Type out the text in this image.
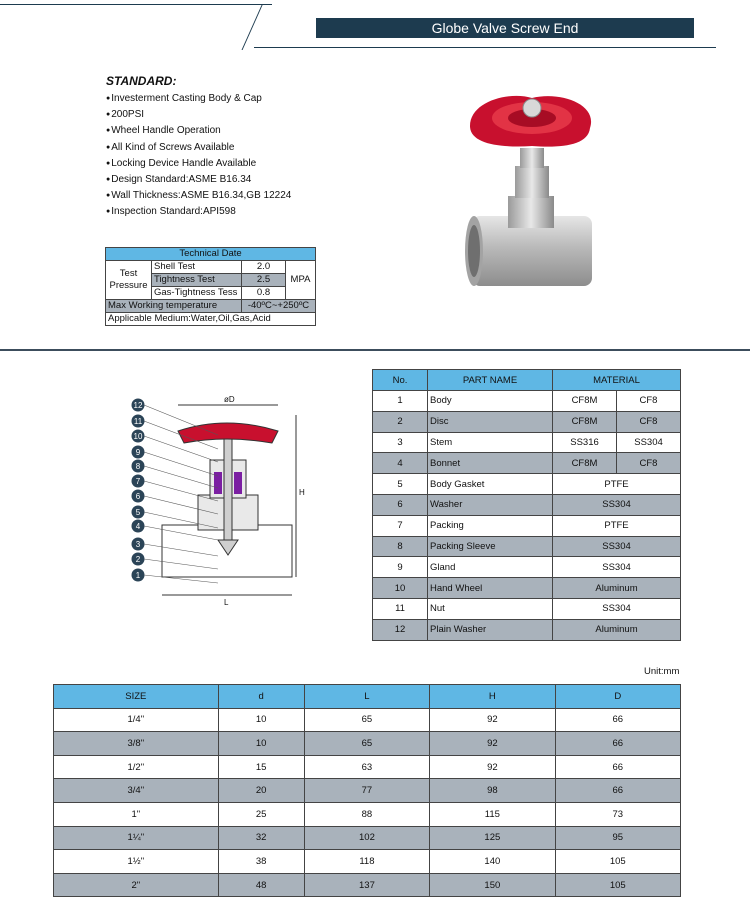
Globe Valve Screw End
STANDARD:
● Investerment Casting Body & Cap
● 200PSI
● Wheel Handle Operation
● All Kind of Screws Available
● Locking Device Handle Available
● Design Standard:ASME B16.34
● Wall Thickness:ASME B16.34,GB 12224
● Inspection Standard:API598
Technical Date			
Test Pressure	Shell Test	2.0	MPA
	Tightness Test	2.5	
	Gas-Tightness Tess	0.8	
Max Working temperature		-40ºC~+250ºC	
Applicable Medium:Water,Oil,Gas,Acid			
øD
H
L
12
11
10
9
8
7
6
5
4
3
2
1
No.	PART NAME	MATERIAL	
1	Body	CF8M	CF8
2	Disc	CF8M	CF8
3	Stem	SS316	SS304
4	Bonnet	CF8M	CF8
5	Body Gasket	PTFE	
6	Washer	SS304	
7	Packing	PTFE	
8	Packing Sleeve	SS304	
9	Gland	SS304	
10	Hand Wheel	Aluminum	
11	Nut	SS304	
12	Plain Washer	Aluminum	
Unit:mm
SIZE	d	L	H	D
1/4"	10	65	92	66
3/8"	10	65	92	66
1/2"	15	63	92	66
3/4"	20	77	98	66
1"	25	88	115	73
1¼"	32	102	125	95
1½"	38	118	140	105
2"	48	137	150	105
